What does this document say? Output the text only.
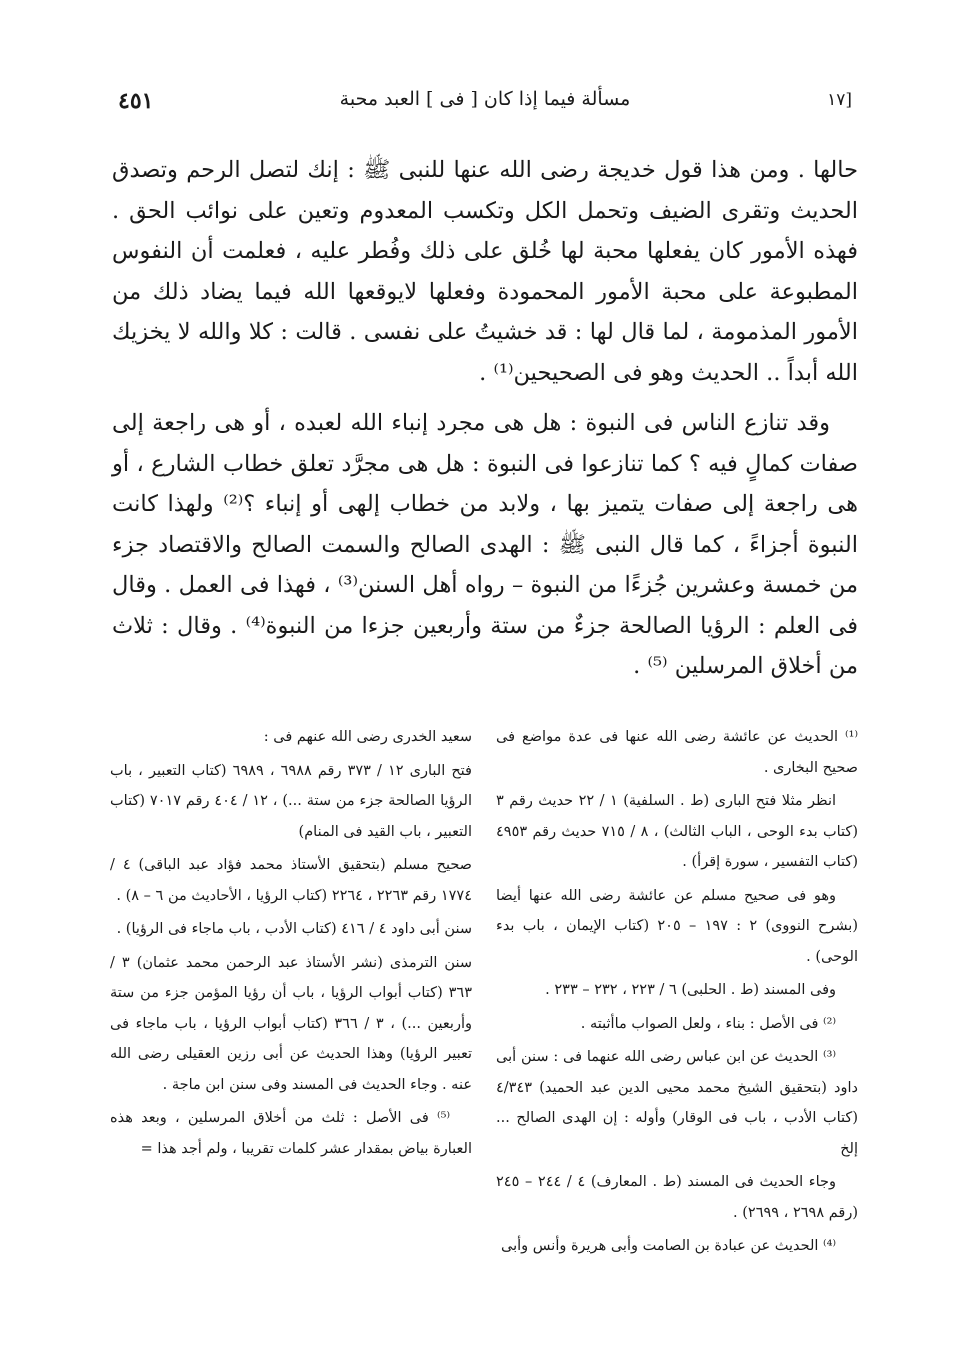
[١٧
مسألة فيما إذا كان [ فى ] العبد محبة
٤٥١

حالها . ومن هذا قول خديجة رضى الله عنها للنبى ﷺ : إنك لتصل الرحم وتصدق الحديث وتقرى الضيف وتحمل الكل وتكسب المعدوم وتعين على نوائب الحق . فهذه الأمور كان يفعلها محبة لها خُلق على ذلك وفُطر عليه ، فعلمت أن النفوس المطبوعة على محبة الأمور المحمودة وفعلها لايوقعها الله فيما يضاد ذلك من الأمور المذمومة ، لما قال لها : قد خشيتُ على نفسى . قالت : كلا والله لا يخزيك الله أبداً .. الحديث وهو فى الصحيحين⁽¹⁾ .

وقد تنازع الناس فى النبوة : هل هى مجرد إنباء الله لعبده ، أو هى راجعة إلى صفات كمالٍ فيه ؟ كما تنازعوا فى النبوة : هل هى مجرَّد تعلق خطاب الشارع ، أو هى راجعة إلى صفات يتميز بها ، ولابد من خطاب إلهى أو إنباء ؟⁽²⁾ ولهذا كانت النبوة أجزاءً ، كما قال النبى ﷺ : الهدى الصالح والسمت الصالح والاقتصاد جزء من خمسة وعشرين جُزءًا من النبوة – رواه أهل السنن⁽³⁾ ، فهذا فى العمل . وقال فى العلم : الرؤيا الصالحة جزءٌ من ستة وأربعين جزءا من النبوة⁽⁴⁾ . وقال : ثلاث من أخلاق المرسلين ⁽⁵⁾ .

⁽¹⁾ الحديث عن عائشة رضى الله عنها فى عدة مواضع فى صحيح البخارى .

انظر مثلا فتح البارى (ط . السلفية) ١ / ٢٢ حديث رقم ٣ (كتاب بدء الوحى ، الباب الثالث) ، ٨ / ٧١٥ حديث رقم ٤٩٥٣ (كتاب التفسير ، سورة إقرأ) .

وهو فى صحيح مسلم عن عائشة رضى الله عنها أيضا (بشرح النووى) ٢ : ١٩٧ – ٢٠٥ (كتاب الإيمان ، باب بدء الوحى) .

وفى المسند (ط . الحلبى) ٦ / ٢٢٣ ، ٢٣٢ – ٢٣٣ .

⁽²⁾ فى الأصل : بناء ، ولعل الصواب ماأثبته .

⁽³⁾ الحديث عن ابن عباس رضى الله عنهما فى : سنن أبى داود (بتحقيق الشيخ محمد محيى الدين عبد الحميد) ٤/٣٤٣ (كتاب الأدب ، باب فى الوقار) وأوله : إن الهدى الصالح ... إلخ

وجاء الحديث فى المسند (ط . المعارف) ٤ / ٢٤٤ – ٢٤٥ (رقم ٢٦٩٨ ، ٢٦٩٩) .

⁽⁴⁾ الحديث عن عبادة بن الصامت وأبى هريرة وأنس وأبى

سعيد الخدرى رضى الله عنهم فى :

فتح البارى ١٢ / ٣٧٣ رقم ٦٩٨٨ ، ٦٩٨٩ (كتاب التعبير ، باب الرؤيا الصالحة جزء من ستة ...) ، ١٢ / ٤٠٤ رقم ٧٠١٧ (كتاب التعبير ، باب القيد فى المنام)

صحيح مسلم (بتحقيق الأستاذ محمد فؤاد عبد الباقى) ٤ / ١٧٧٤ رقم ٢٢٦٣ ، ٢٢٦٤ (كتاب الرؤيا ، الأحاديث من ٦ – ٨) .

سنن أبى داود ٤ / ٤١٦ (كتاب الأدب ، باب ماجاء فى الرؤيا) .

سنن الترمذى (نشر الأستاذ عبد الرحمن محمد عثمان) ٣ / ٣٦٣ (كتاب أبواب الرؤيا ، باب أن رؤيا المؤمن جزء من ستة وأربعين ...) ، ٣ / ٣٦٦ (كتاب أبواب الرؤيا ، باب ماجاء فى تعبير الرؤيا) وهذا الحديث عن أبى رزين العقيلى رضى الله عنه . وجاء الحديث فى المسند وفى سنن ابن ماجة .

⁽⁵⁾ فى الأصل : ثلث من أخلاق المرسلين ، وبعد هذه العبارة بياض بمقدار عشر كلمات تقريبا ، ولم أجد هذا =
